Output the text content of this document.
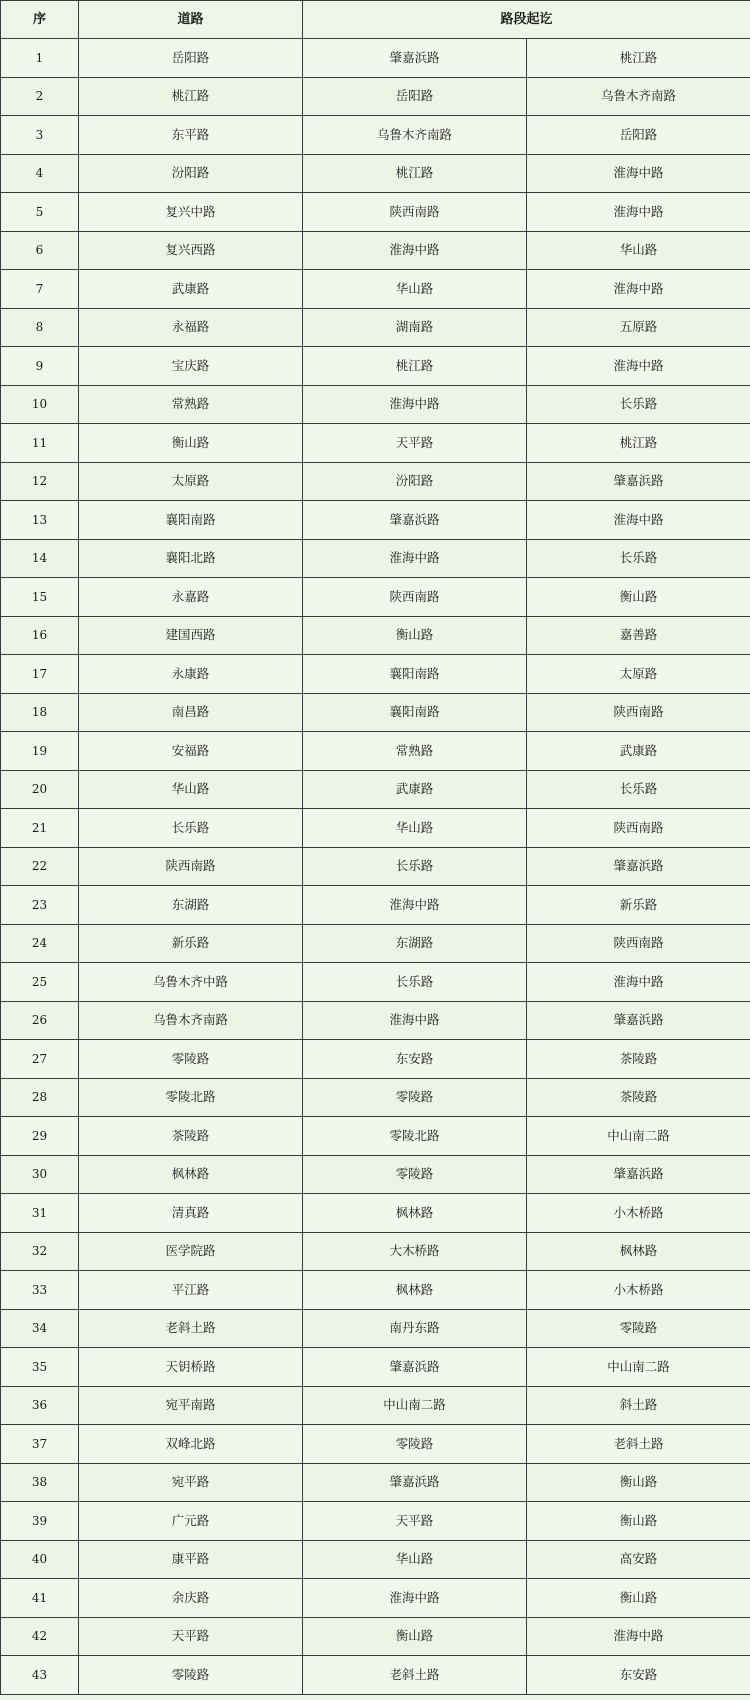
序	道路	路段起讫	
1	岳阳路	肇嘉浜路	桃江路
2	桃江路	岳阳路	乌鲁木齐南路
3	东平路	乌鲁木齐南路	岳阳路
4	汾阳路	桃江路	淮海中路
5	复兴中路	陕西南路	淮海中路
6	复兴西路	淮海中路	华山路
7	武康路	华山路	淮海中路
8	永福路	湖南路	五原路
9	宝庆路	桃江路	淮海中路
10	常熟路	淮海中路	长乐路
11	衡山路	天平路	桃江路
12	太原路	汾阳路	肇嘉浜路
13	襄阳南路	肇嘉浜路	淮海中路
14	襄阳北路	淮海中路	长乐路
15	永嘉路	陕西南路	衡山路
16	建国西路	衡山路	嘉善路
17	永康路	襄阳南路	太原路
18	南昌路	襄阳南路	陕西南路
19	安福路	常熟路	武康路
20	华山路	武康路	长乐路
21	长乐路	华山路	陕西南路
22	陕西南路	长乐路	肇嘉浜路
23	东湖路	淮海中路	新乐路
24	新乐路	东湖路	陕西南路
25	乌鲁木齐中路	长乐路	淮海中路
26	乌鲁木齐南路	淮海中路	肇嘉浜路
27	零陵路	东安路	茶陵路
28	零陵北路	零陵路	茶陵路
29	茶陵路	零陵北路	中山南二路
30	枫林路	零陵路	肇嘉浜路
31	清真路	枫林路	小木桥路
32	医学院路	大木桥路	枫林路
33	平江路	枫林路	小木桥路
34	老斜土路	南丹东路	零陵路
35	天钥桥路	肇嘉浜路	中山南二路
36	宛平南路	中山南二路	斜土路
37	双峰北路	零陵路	老斜土路
38	宛平路	肇嘉浜路	衡山路
39	广元路	天平路	衡山路
40	康平路	华山路	高安路
41	余庆路	淮海中路	衡山路
42	天平路	衡山路	淮海中路
43	零陵路	老斜土路	东安路
